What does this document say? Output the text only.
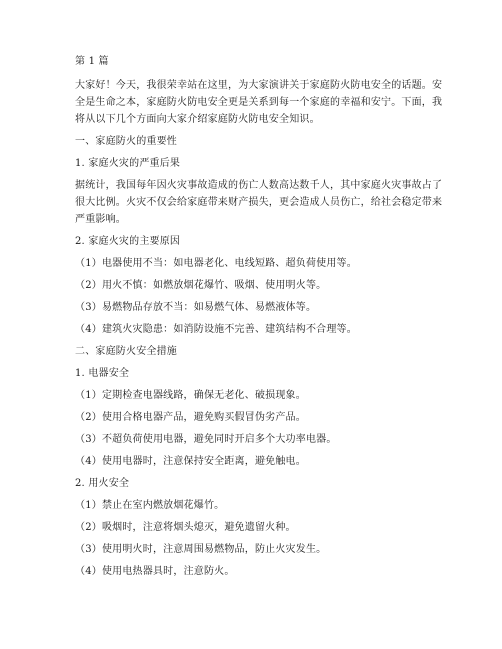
第 1 篇
大家好！今天，我很荣幸站在这里，为大家演讲关于家庭防火防电安全的话题。安
全是生命之本，家庭防火防电安全更是关系到每一个家庭的幸福和安宁。下面，我
将从以下几个方面向大家介绍家庭防火防电安全知识。
一、家庭防火的重要性
1. 家庭火灾的严重后果
据统计，我国每年因火灾事故造成的伤亡人数高达数千人，其中家庭火灾事故占了
很大比例。火灾不仅会给家庭带来财产损失，更会造成人员伤亡，给社会稳定带来
严重影响。
2. 家庭火灾的主要原因
（1）电器使用不当：如电器老化、电线短路、超负荷使用等。
（2）用火不慎：如燃放烟花爆竹、吸烟、使用明火等。
（3）易燃物品存放不当：如易燃气体、易燃液体等。
（4）建筑火灾隐患：如消防设施不完善、建筑结构不合理等。
二、家庭防火安全措施
1. 电器安全
（1）定期检查电器线路，确保无老化、破损现象。
（2）使用合格电器产品，避免购买假冒伪劣产品。
（3）不超负荷使用电器，避免同时开启多个大功率电器。
（4）使用电器时，注意保持安全距离，避免触电。
2. 用火安全
（1）禁止在室内燃放烟花爆竹。
（2）吸烟时，注意将烟头熄灭，避免遗留火种。
（3）使用明火时，注意周围易燃物品，防止火灾发生。
（4）使用电热器具时，注意防火。
